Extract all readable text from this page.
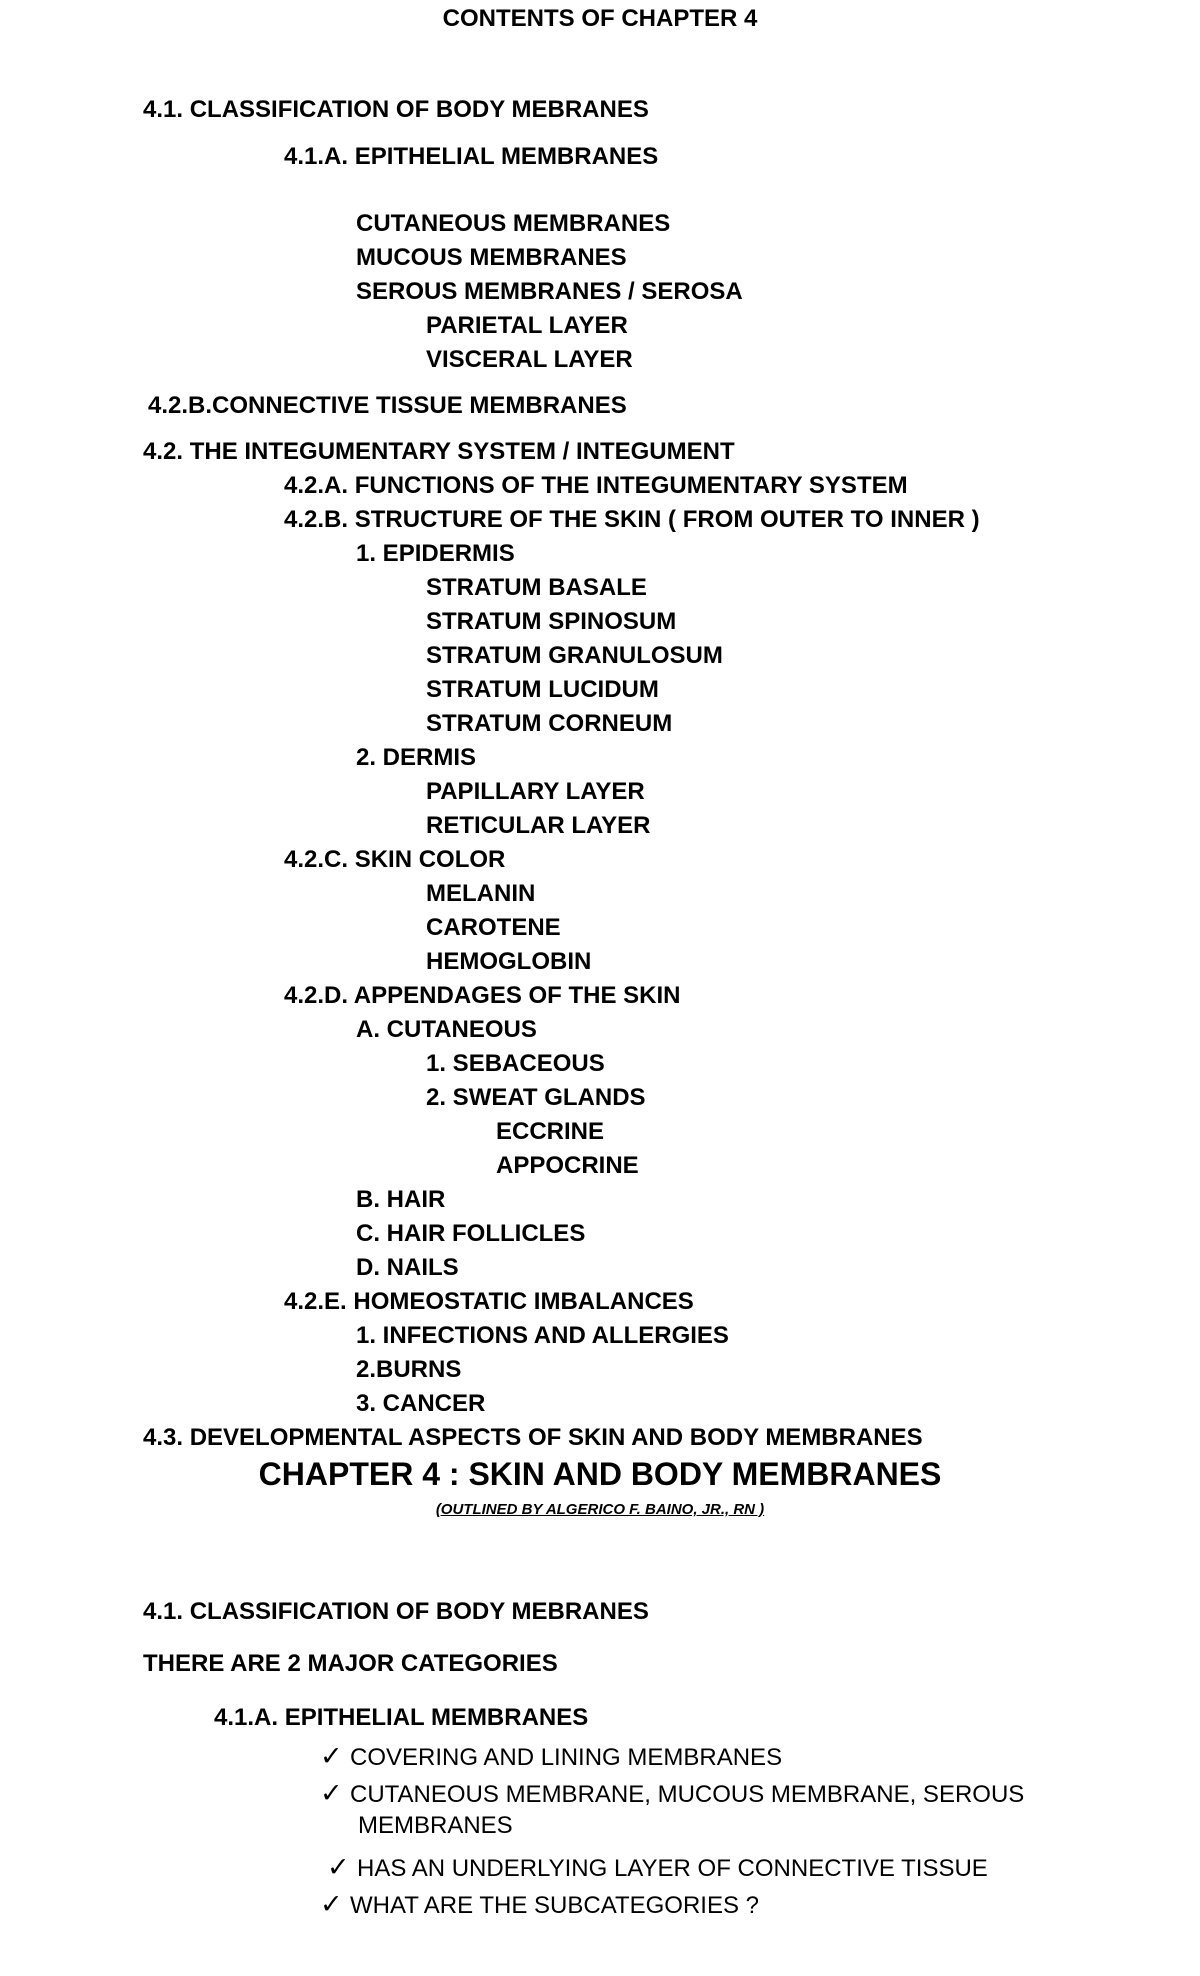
CONTENTS OF CHAPTER 4
4.1. CLASSIFICATION OF BODY MEBRANES
4.1.A. EPITHELIAL MEMBRANES
CUTANEOUS MEMBRANES
MUCOUS MEMBRANES
SEROUS MEMBRANES / SEROSA
PARIETAL LAYER
VISCERAL LAYER
4.2.B.CONNECTIVE TISSUE MEMBRANES
4.2. THE INTEGUMENTARY SYSTEM / INTEGUMENT
4.2.A. FUNCTIONS OF THE INTEGUMENTARY SYSTEM
4.2.B. STRUCTURE OF THE SKIN ( FROM OUTER TO INNER )
1. EPIDERMIS
STRATUM BASALE
STRATUM SPINOSUM
STRATUM GRANULOSUM
STRATUM LUCIDUM
STRATUM CORNEUM
2. DERMIS
PAPILLARY LAYER
RETICULAR LAYER
4.2.C. SKIN COLOR
MELANIN
CAROTENE
HEMOGLOBIN
4.2.D. APPENDAGES OF THE SKIN
A. CUTANEOUS
1. SEBACEOUS
2. SWEAT GLANDS
ECCRINE
APPOCRINE
B. HAIR
C. HAIR FOLLICLES
D. NAILS
4.2.E. HOMEOSTATIC IMBALANCES
1. INFECTIONS AND ALLERGIES
2.BURNS
3. CANCER
4.3. DEVELOPMENTAL ASPECTS OF SKIN AND BODY MEMBRANES
CHAPTER 4 : SKIN AND BODY MEMBRANES
(OUTLINED BY ALGERICO F. BAINO, JR., RN )
4.1. CLASSIFICATION OF BODY MEBRANES
THERE ARE 2 MAJOR CATEGORIES
4.1.A. EPITHELIAL MEMBRANES
✓ COVERING AND LINING MEMBRANES
✓ CUTANEOUS MEMBRANE, MUCOUS MEMBRANE, SEROUS
MEMBRANES
✓ HAS AN UNDERLYING LAYER OF CONNECTIVE TISSUE
✓ WHAT ARE THE SUBCATEGORIES ?
